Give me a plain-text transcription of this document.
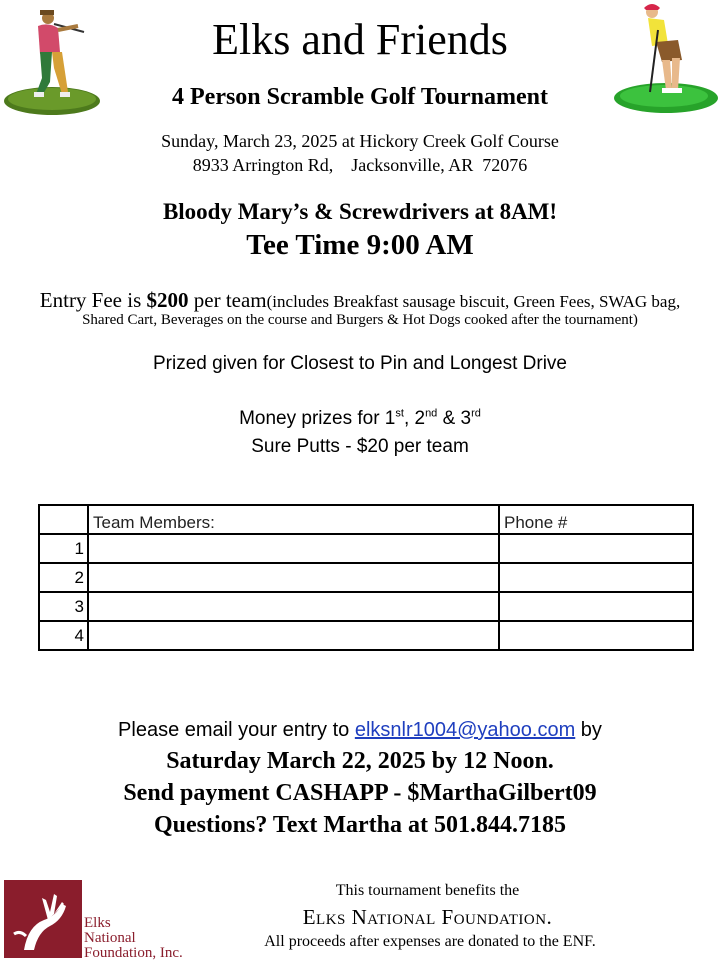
Elks and Friends
4 Person Scramble Golf Tournament
Sunday, March 23, 2025 at Hickory Creek Golf Course
8933 Arrington Rd,    Jacksonville, AR  72076
Bloody Mary’s & Screwdrivers at 8AM!
Tee Time 9:00 AM
Entry Fee is $200 per team(includes Breakfast sausage biscuit, Green Fees, SWAG bag,
Shared Cart, Beverages on the course and Burgers & Hot Dogs cooked after the tournament)
Prized given for Closest to Pin and Longest Drive
Money prizes for 1st, 2nd & 3rd
Sure Putts - $20 per team
	Team Members:	Phone #
1		
2		
3		
4		
Please email your entry to elksnlr1004@yahoo.com by
Saturday March 22, 2025 by 12 Noon.
Send payment CASHAPP - $MarthaGilbert09
Questions? Text Martha at 501.844.7185
Elks
National
Foundation, Inc.
This tournament benefits the
Elks National Foundation.
All proceeds after expenses are donated to the ENF.
